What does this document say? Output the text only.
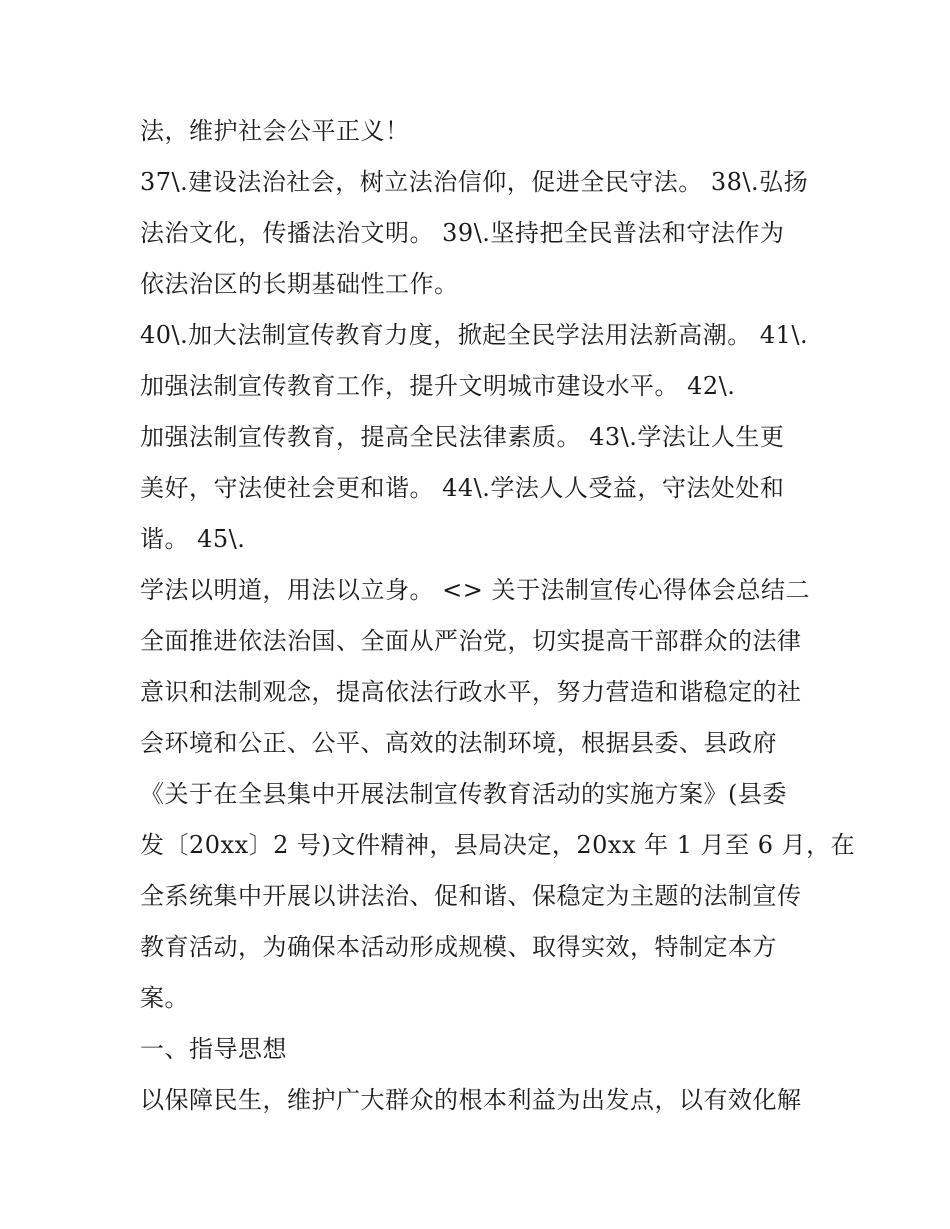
法，维护社会公平正义！
37\.建设法治社会，树立法治信仰，促进全民守法。 38\.弘扬
法治文化，传播法治文明。 39\.坚持把全民普法和守法作为
依法治区的长期基础性工作。
40\.加大法制宣传教育力度，掀起全民学法用法新高潮。 41\.
加强法制宣传教育工作，提升文明城市建设水平。 42\.
加强法制宣传教育，提高全民法律素质。 43\.学法让人生更
美好，守法使社会更和谐。 44\.学法人人受益，守法处处和
谐。 45\.
学法以明道，用法以立身。 <> 关于法制宣传心得体会总结二
全面推进依法治国、全面从严治党，切实提高干部群众的法律
意识和法制观念，提高依法行政水平，努力营造和谐稳定的社
会环境和公正、公平、高效的法制环境，根据县委、县政府
《关于在全县集中开展法制宣传教育活动的实施方案》(县委
发〔20xx〕2 号)文件精神，县局决定，20xx 年 1 月至 6 月，在
全系统集中开展以讲法治、促和谐、保稳定为主题的法制宣传
教育活动，为确保本活动形成规模、取得实效，特制定本方
案。
一、指导思想
以保障民生，维护广大群众的根本利益为出发点，以有效化解
